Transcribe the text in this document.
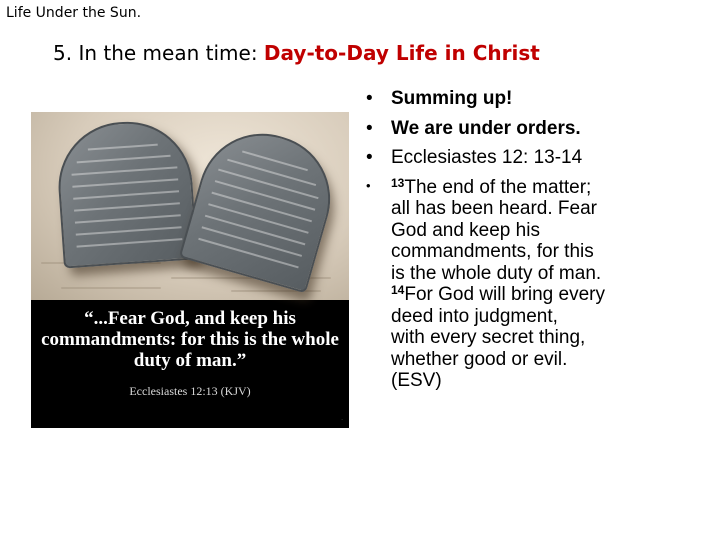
Life Under the Sun.
5. In the mean time: Day-to-Day Life in Christ
“...Fear God, and keep his
commandments: for this is the whole
duty of man.”
Ecclesiastes 12:13 (KJV)
·
• Summing up!
• We are under orders.
• Ecclesiastes 12: 13-14
• $^{13}$The end of the matter;
all has been heard. Fear
God and keep his
commandments, for this
is the whole duty of man.
$^{14}$For God will bring every
deed into judgment,
with every secret thing,
whether good or evil.
(ESV)
